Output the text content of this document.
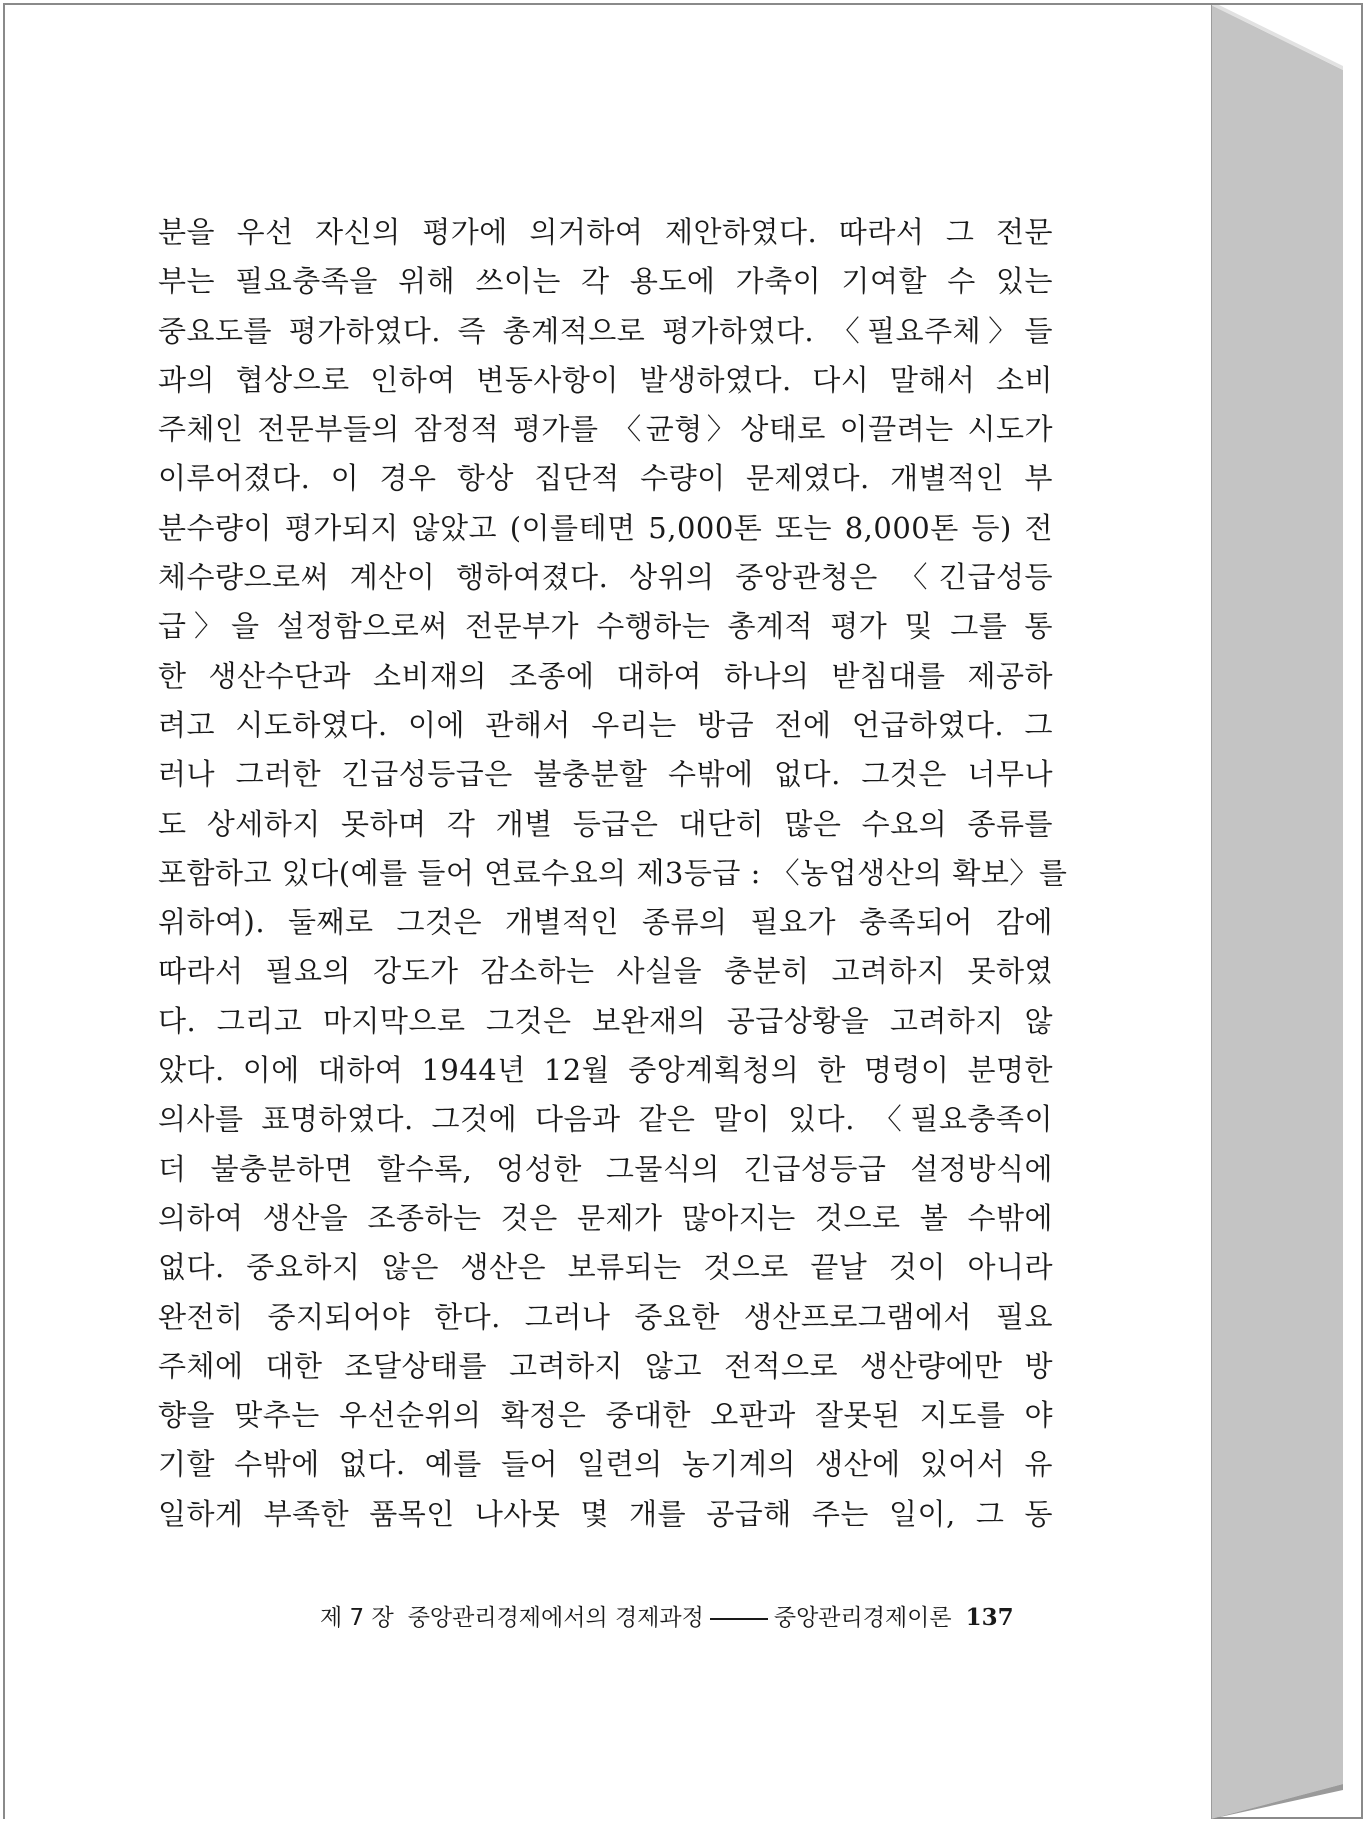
분을 우선 자신의 평가에 의거하여 제안하였다. 따라서 그 전문
부는 필요충족을 위해 쓰이는 각 용도에 가축이 기여할 수 있는
중요도를 평가하였다. 즉 총계적으로 평가하였다. 〈필요주체〉들
과의 협상으로 인하여 변동사항이 발생하였다. 다시 말해서 소비
주체인 전문부들의 잠정적 평가를 〈균형〉상태로 이끌려는 시도가
이루어졌다. 이 경우 항상 집단적 수량이 문제였다. 개별적인 부
분수량이 평가되지 않았고 (이를테면 5,000톤 또는 8,000톤 등) 전
체수량으로써 계산이 행하여졌다. 상위의 중앙관청은 〈긴급성등
급〉을 설정함으로써 전문부가 수행하는 총계적 평가 및 그를 통
한 생산수단과 소비재의 조종에 대하여 하나의 받침대를 제공하
려고 시도하였다. 이에 관해서 우리는 방금 전에 언급하였다. 그
러나 그러한 긴급성등급은 불충분할 수밖에 없다. 그것은 너무나
도 상세하지 못하며 각 개별 등급은 대단히 많은 수요의 종류를
포함하고 있다(예를 들어 연료수요의 제3등급 : 〈농업생산의 확보〉를
위하여). 둘째로 그것은 개별적인 종류의 필요가 충족되어 감에
따라서 필요의 강도가 감소하는 사실을 충분히 고려하지 못하였
다. 그리고 마지막으로 그것은 보완재의 공급상황을 고려하지 않
았다. 이에 대하여 1944년 12월 중앙계획청의 한 명령이 분명한
의사를 표명하였다. 그것에 다음과 같은 말이 있다. 〈필요충족이
더 불충분하면 할수록, 엉성한 그물식의 긴급성등급 설정방식에
의하여 생산을 조종하는 것은 문제가 많아지는 것으로 볼 수밖에
없다. 중요하지 않은 생산은 보류되는 것으로 끝날 것이 아니라
완전히 중지되어야 한다. 그러나 중요한 생산프로그램에서 필요
주체에 대한 조달상태를 고려하지 않고 전적으로 생산량에만 방
향을 맞추는 우선순위의 확정은 중대한 오판과 잘못된 지도를 야
기할 수밖에 없다. 예를 들어 일련의 농기계의 생산에 있어서 유
일하게 부족한 품목인 나사못 몇 개를 공급해 주는 일이, 그 동
제 7 장 중앙관리경제에서의 경제과정	중앙관리경제이론 137
